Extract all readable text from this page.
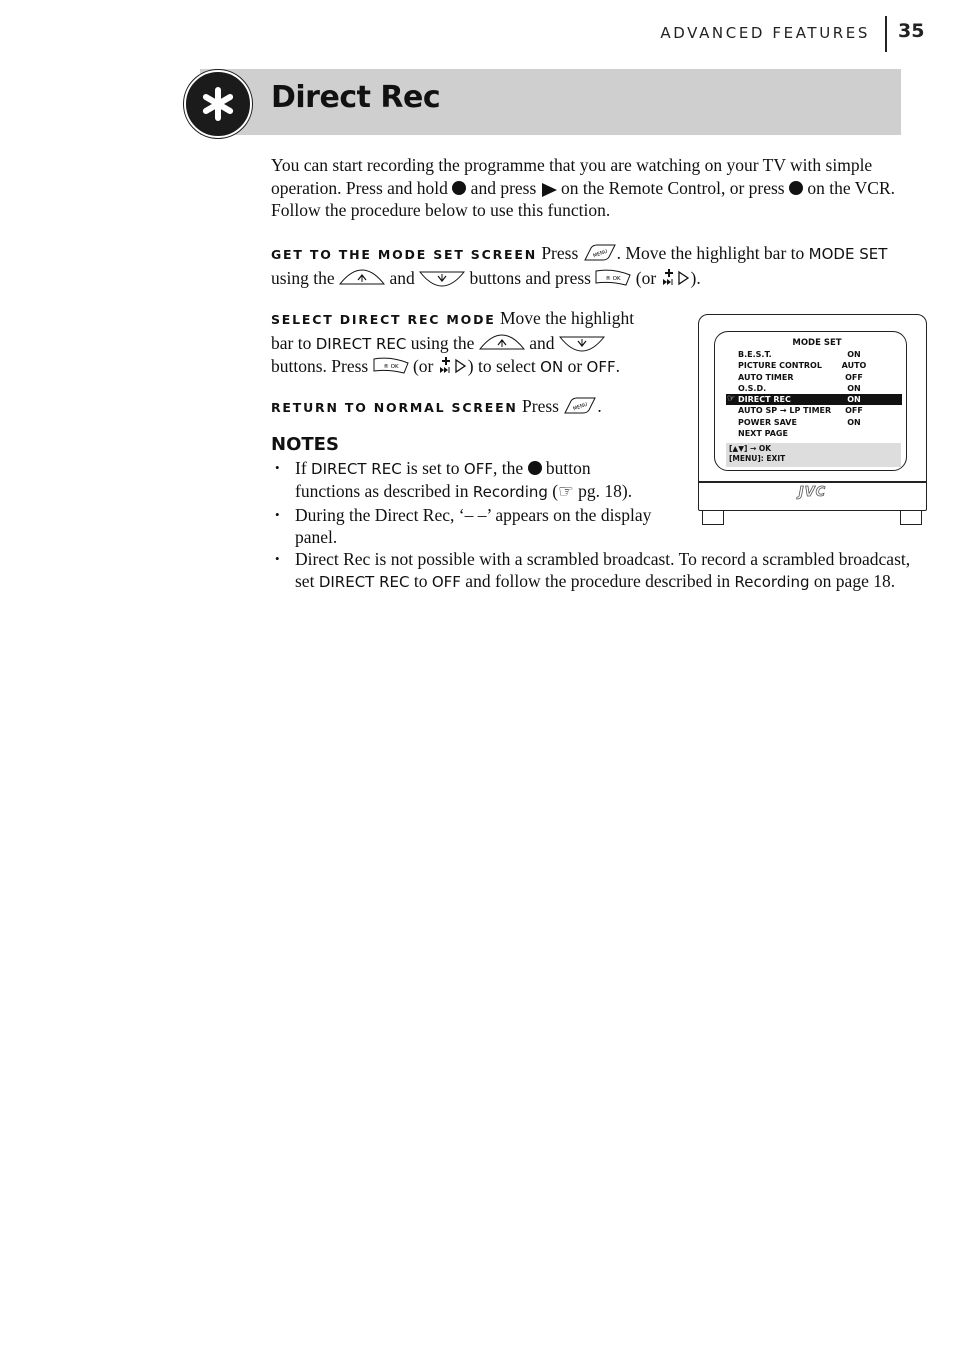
ADVANCED FEATURES 35
Direct Rec

You can start recording the programme that you are watching on your TV with simple operation. Press and hold  and press  on the Remote Control, or press  on the VCR. Follow the procedure below to use this function.

GET TO THE MODE SET SCREEN Press MENU . Move the highlight bar to MODE SET using the	and	buttons and press ® OK (or ).

SELECT DIRECT REC MODE Move the highlight bar to DIRECT REC using the	and  buttons. Press ® OK (or ) to select ON or OFF.

RETURN TO NORMAL SCREEN Press MENU .

NOTES
• If DIRECT REC is set to OFF, the  button functions as described in Recording (☞ pg. 18).
• During the Direct Rec, ‘– –’ appears on the display panel.
• Direct Rec is not possible with a scrambled broadcast. To record a scrambled broadcast, set DIRECT REC to OFF and follow the procedure described in Recording on page 18.
JVC
MODE SET
B.E.S.T.	ON
PICTURE CONTROL	AUTO
AUTO TIMER	OFF
O.S.D.	ON
☞ DIRECT REC	ON
AUTO SP → LP TIMER	OFF
POWER SAVE	ON
NEXT PAGE
[▲▼] → OK
[MENU]: EXIT
